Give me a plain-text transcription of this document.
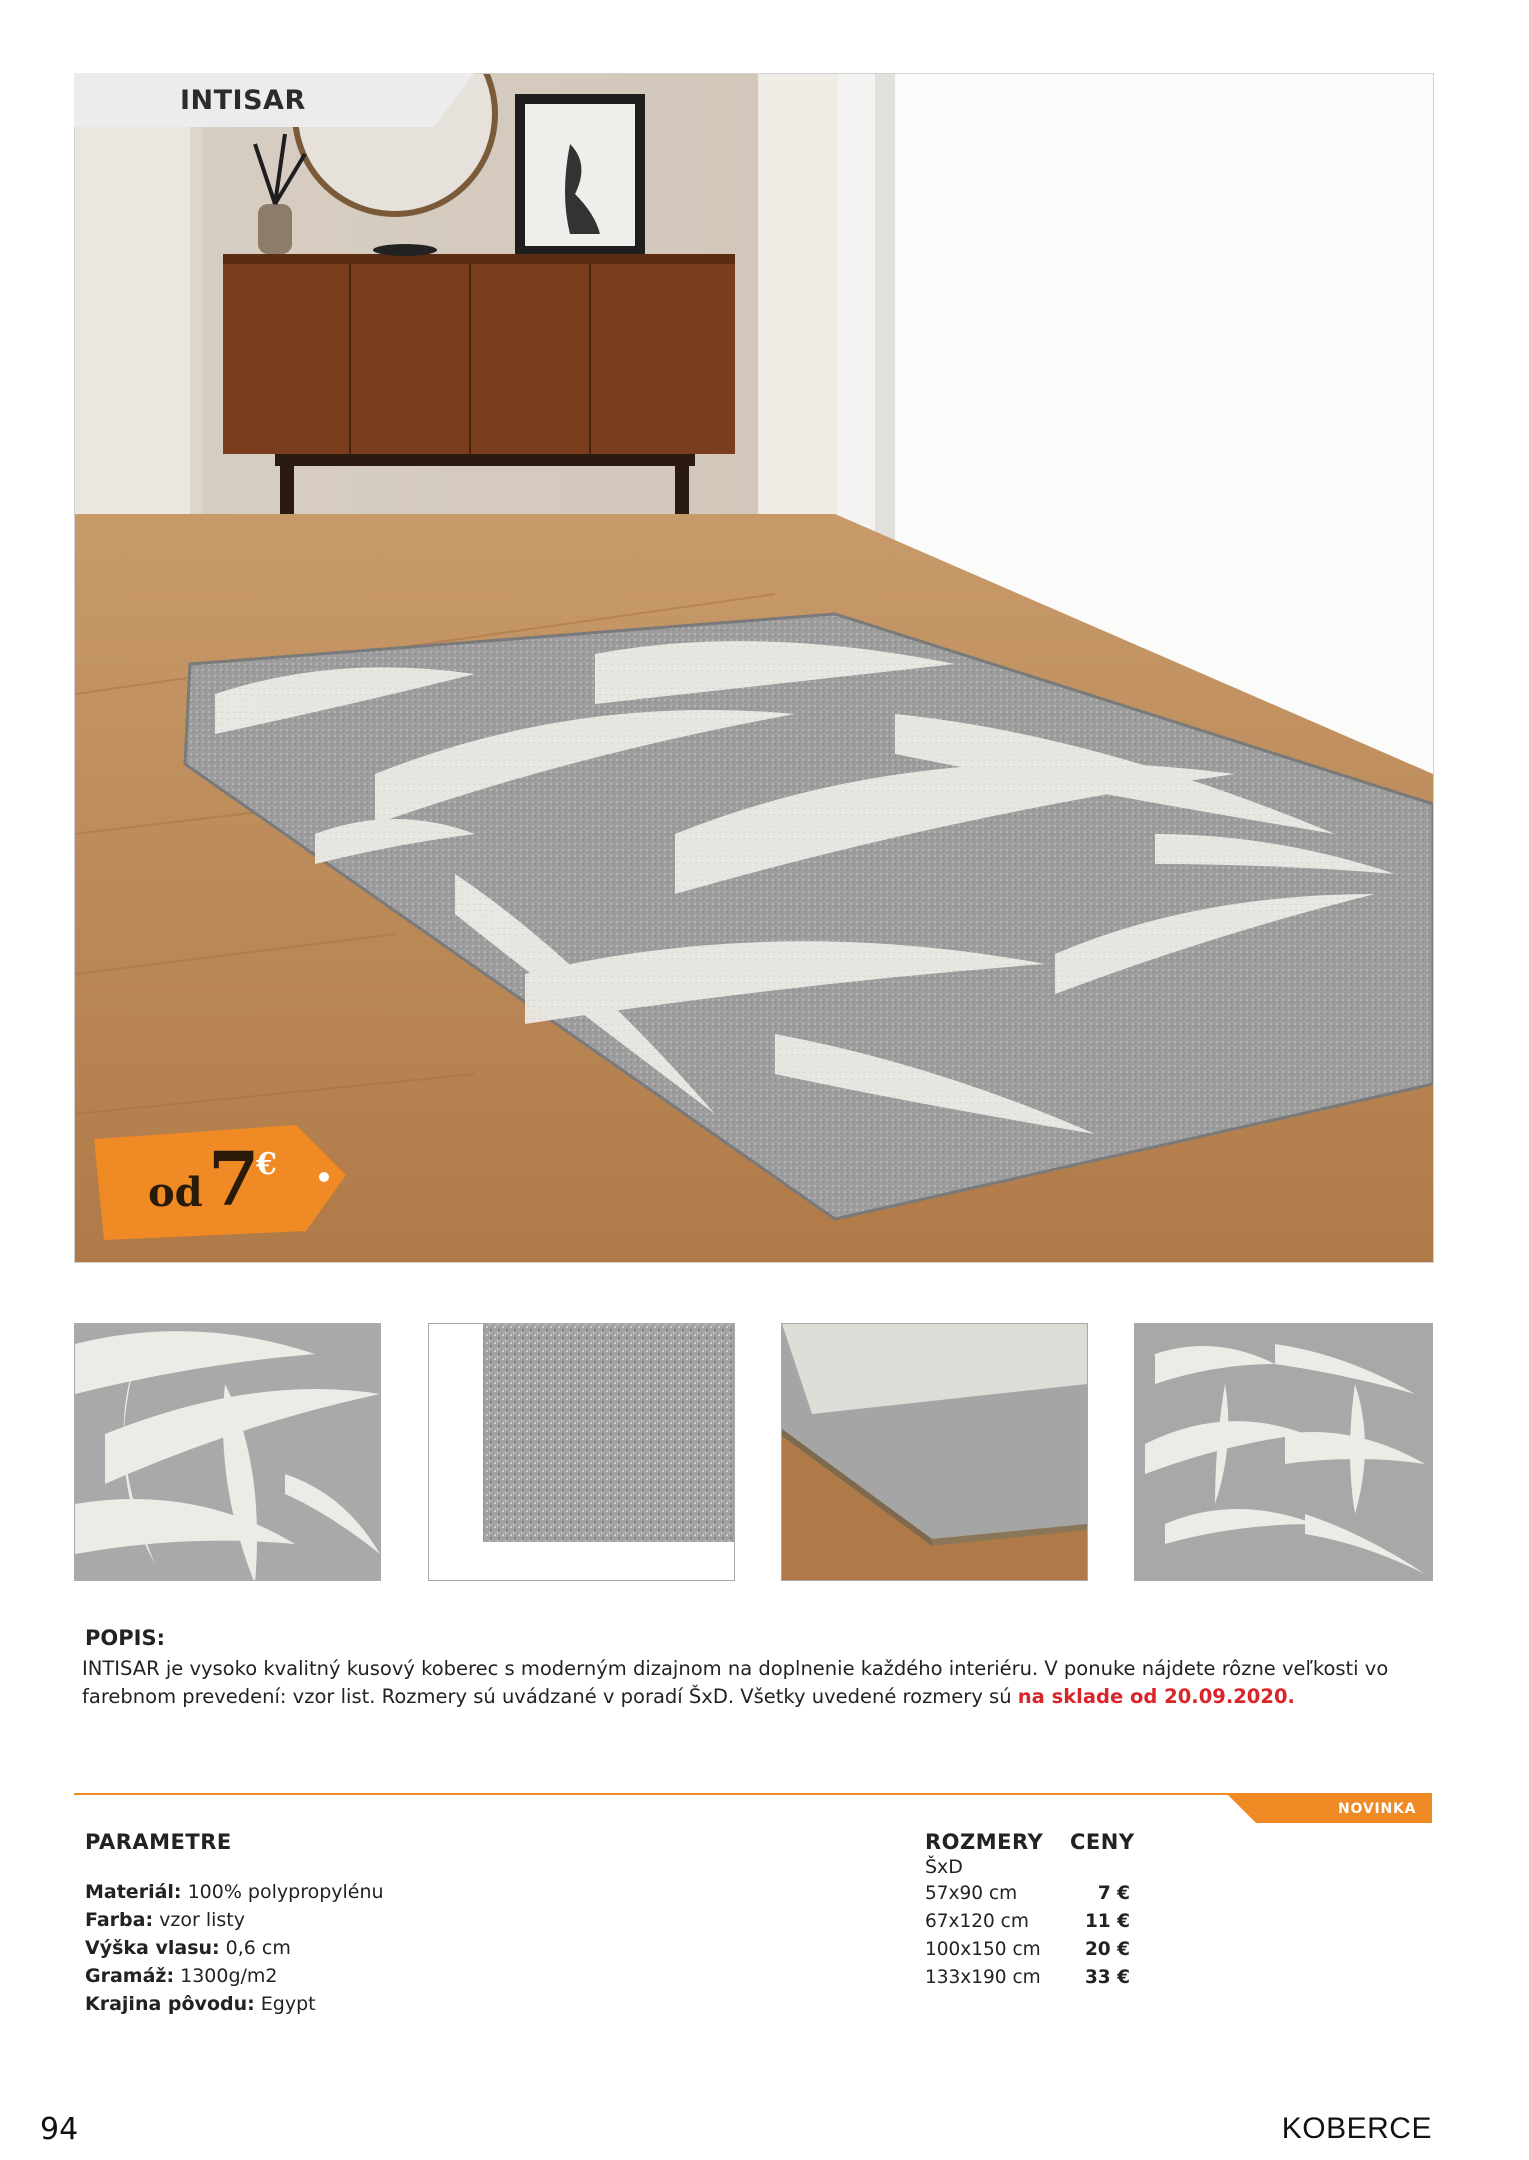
INTISAR
od 7
€
POPIS:
INTISAR je vysoko kvalitný kusový koberec s moderným dizajnom na doplnenie každého interiéru. V ponuke nájdete rôzne veľkosti vo farebnom prevedení: vzor list. Rozmery sú uvádzané v poradí ŠxD. Všetky uvedené rozmery sú na sklade od 20.09.2020.
NOVINKA
PARAMETRE
Materiál: 100% polypropylénu
Farba: vzor listy
Výška vlasu: 0,6 cm
Gramáž: 1300g/m2
Krajina pôvodu: Egypt
ROZMERY CENY
ŠxD
57x90 cm
67x120 cm
100x150 cm
133x190 cm
7 €
11 €
20 €
33 €
94	KOBERCE
